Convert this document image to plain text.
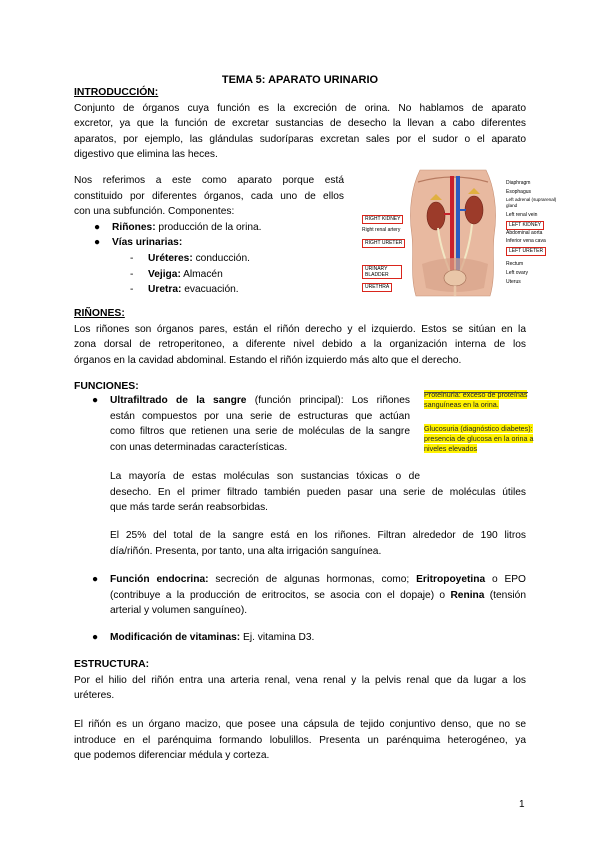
TEMA 5: APARATO URINARIO
INTRODUCCIÓN:
Conjunto de órganos cuya función es la excreción de orina. No hablamos de aparato
excretor, ya que la función de excretar sustancias de desecho la llevan a cabo diferentes
aparatos, por ejemplo, las glándulas sudoríparas excretan sales por el sudor o el aparato
digestivo que elimina las heces.
Nos referimos a este como aparato porque está
constituido por diferentes órganos, cada uno de ellos
con una subfunción. Componentes:
●	Riñones: producción de la orina.
●	Vías urinarias:
-	Uréteres: conducción.
-	Vejiga: Almacén
-	Uretra: evacuación.
RIGHT KIDNEY
Right renal artery
RIGHT URETER
URINARY BLADDER
URETHRA
Diaphragm
Esophagus
Left adrenal (suprarenal) gland
Left renal vein
LEFT KIDNEY
Abdominal aorta
Inferior vena cava
LEFT URETER
Rectum
Left ovary
Uterus
RIÑONES:
Los riñones son órganos pares, están el riñón derecho y el izquierdo. Estos se sitúan en la
zona dorsal de retroperitoneo, a diferente nivel debido a la organización interna de los
órganos en la cavidad abdominal. Estando el riñón izquierdo más alto que el derecho.
FUNCIONES:
●	Ultrafiltrado de la sangre (función principal): Los riñones
están compuestos por una serie de estructuras que actúan
como filtros que retienen una serie de moléculas de la sangre
con unas determinadas características.
Proteinuria: exceso de proteínas
sanguíneas en la orina.
Glucosuria (diagnóstico diabetes):
presencia de glucosa en la orina a
niveles elevados
La mayoría de estas moléculas son sustancias tóxicas o de
desecho. En el primer filtrado también pueden pasar una serie de moléculas útiles
que más tarde serán reabsorbidas.
El 25% del total de la sangre está en los riñones. Filtran alrededor de 190 litros
día/riñón. Presenta, por tanto, una alta irrigación sanguínea.
●	Función endocrina: secreción de algunas hormonas, como; Eritropoyetina o EPO
(contribuye a la producción de eritrocitos, se asocia con el dopaje) o Renina (tensión
arterial y volumen sanguíneo).
●	Modificación de vitaminas: Ej. vitamina D3.
ESTRUCTURA:
Por el hilio del riñón entra una arteria renal, vena renal y la pelvis renal que da lugar a los
uréteres.
El riñón es un órgano macizo, que posee una cápsula de tejido conjuntivo denso, que no se
introduce en el parénquima formando lobulillos. Presenta un parénquima heterogéneo, ya
que podemos diferenciar médula y corteza.
1
